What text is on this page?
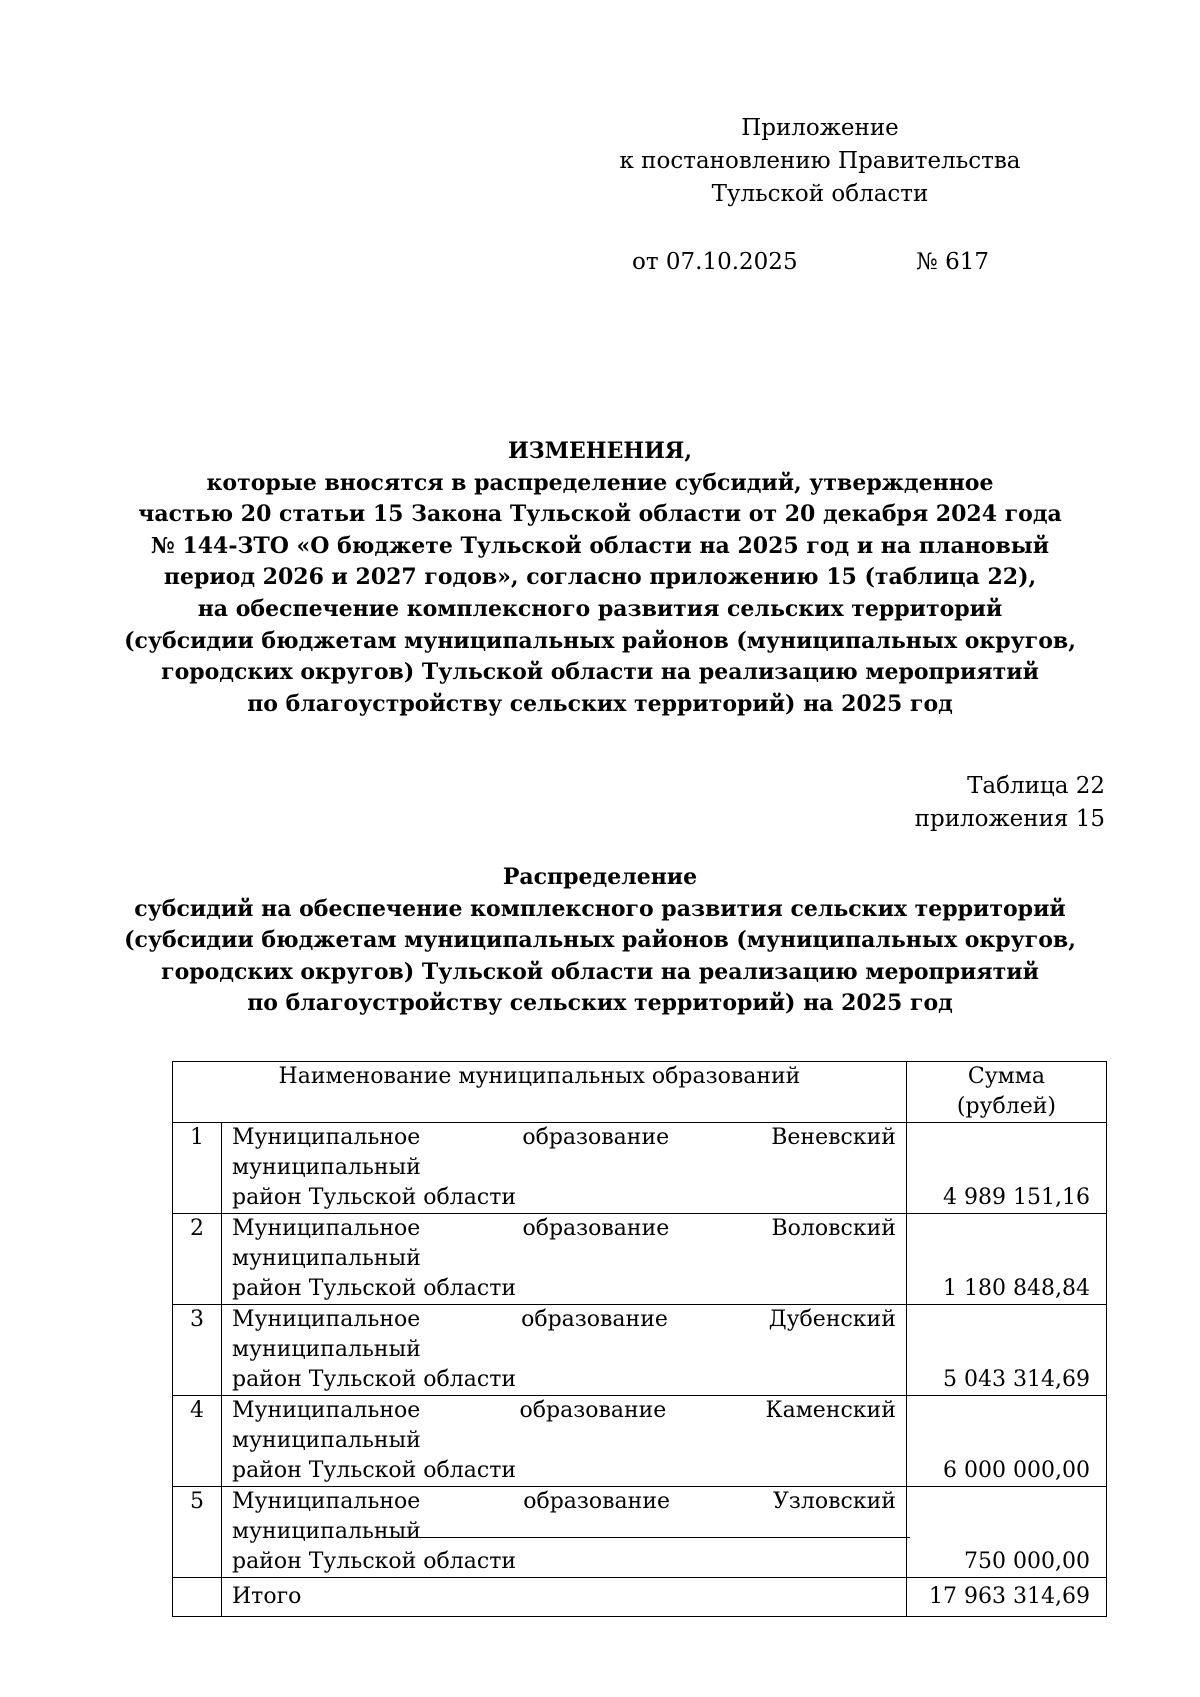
Приложение
к постановлению Правительства
Тульской области
от 07.10.2025	№ 617
ИЗМЕНЕНИЯ,
которые вносятся в распределение субсидий, утвержденное
частью 20 статьи 15 Закона Тульской области от 20 декабря 2024 года
№ 144-ЗТО «О бюджете Тульской области на 2025 год и на плановый
период 2026 и 2027 годов», согласно приложению 15 (таблица 22),
на обеспечение комплексного развития сельских территорий
(субсидии бюджетам муниципальных районов (муниципальных округов,
городских округов) Тульской области на реализацию мероприятий
по благоустройству сельских территорий) на 2025 год
Таблица 22
приложения 15
Распределение
субсидий на обеспечение комплексного развития сельских территорий
(субсидии бюджетам муниципальных районов (муниципальных округов,
городских округов) Тульской области на реализацию мероприятий
по благоустройству сельских территорий) на 2025 год
Наименование муниципальных образований		Сумма
(рублей)

1	Муниципальное образование Веневский муниципальный
район Тульской области	4 989 151,16
2	Муниципальное образование Воловский муниципальный
район Тульской области	1 180 848,84
3	Муниципальное образование Дубенский муниципальный
район Тульской области	5 043 314,69
4	Муниципальное образование Каменский муниципальный
район Тульской области	6 000 000,00
5	Муниципальное образование Узловский муниципальный
район Тульской области	750 000,00
	Итого	17 963 314,69
